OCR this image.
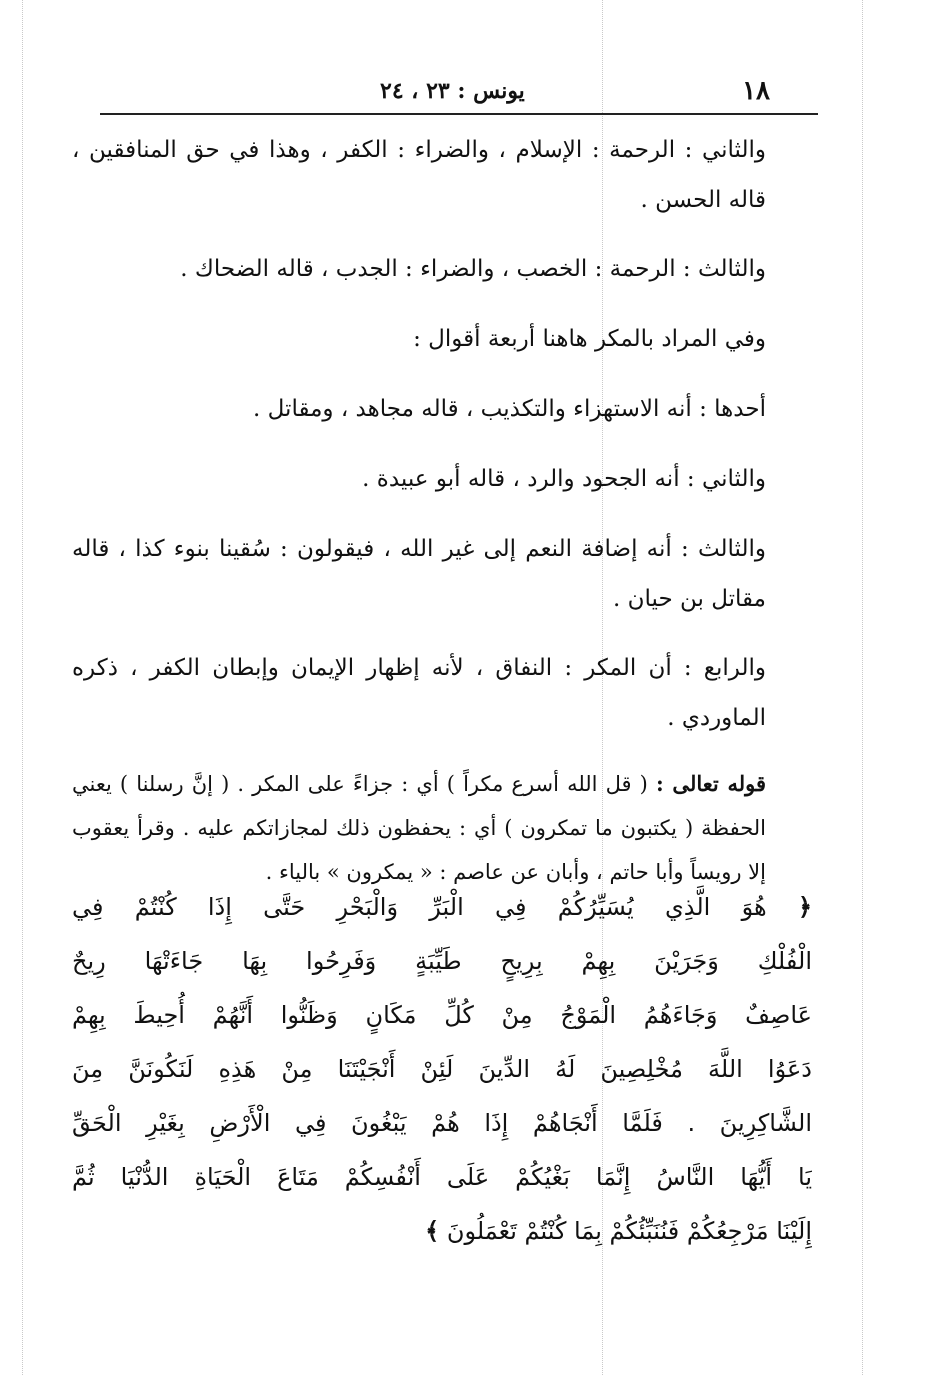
يونس : ٢٣ ، ٢٤	١٨

والثاني : الرحمة : الإسلام ، والضراء : الكفر ، وهذا في حق المنافقين ، قاله الحسن .

والثالث : الرحمة : الخصب ، والضراء : الجدب ، قاله الضحاك .

وفي المراد بالمكر هاهنا أربعة أقوال :

أحدها : أنه الاستهزاء والتكذيب ، قاله مجاهد ، ومقاتل .

والثاني : أنه الجحود والرد ، قاله أبو عبيدة .

والثالث : أنه إضافة النعم إلى غير الله ، فيقولون : سُقينا بنوء كذا ، قاله مقاتل بن حيان .

والرابع : أن المكر : النفاق ، لأنه إظهار الإيمان وإبطان الكفر ، ذكره الماوردي .

قوله تعالى : ( قل الله أسرع مكراً ) أي : جزاءً على المكر . ( إنَّ رسلنا ) يعني الحفظة ( يكتبون ما تمكرون ) أي : يحفظون ذلك لمجازاتكم عليه . وقرأ يعقوب إلا رويساً وأبا حاتم ، وأبان عن عاصم : « يمكرون » بالياء .

﴿ هُوَ الَّذِي يُسَيِّرُكُمْ فِي الْبَرِّ وَالْبَحْرِ حَتَّى إِذَا كُنْتُمْ فِي
الْفُلْكِ وَجَرَيْنَ بِهِمْ بِرِيحٍ طَيِّبَةٍ وَفَرِحُوا بِهَا جَاءَتْهَا رِيحٌ
عَاصِفٌ وَجَاءَهُمُ الْمَوْجُ مِنْ كُلِّ مَكَانٍ وَظَنُّوا أَنَّهُمْ أُحِيطَ بِهِمْ
دَعَوُا اللَّهَ مُخْلِصِينَ لَهُ الدِّينَ لَئِنْ أَنْجَيْتَنَا مِنْ هَذِهِ لَنَكُونَنَّ مِنَ
الشَّاكِرِينَ . فَلَمَّا أَنْجَاهُمْ إِذَا هُمْ يَبْغُونَ فِي الْأَرْضِ بِغَيْرِ الْحَقِّ
يَا أَيُّهَا النَّاسُ إِنَّمَا بَغْيُكُمْ عَلَى أَنْفُسِكُمْ مَتَاعَ الْحَيَاةِ الدُّنْيَا ثُمَّ
إِلَيْنَا مَرْجِعُكُمْ فَنُنَبِّئُكُمْ بِمَا كُنْتُمْ تَعْمَلُونَ ﴾
